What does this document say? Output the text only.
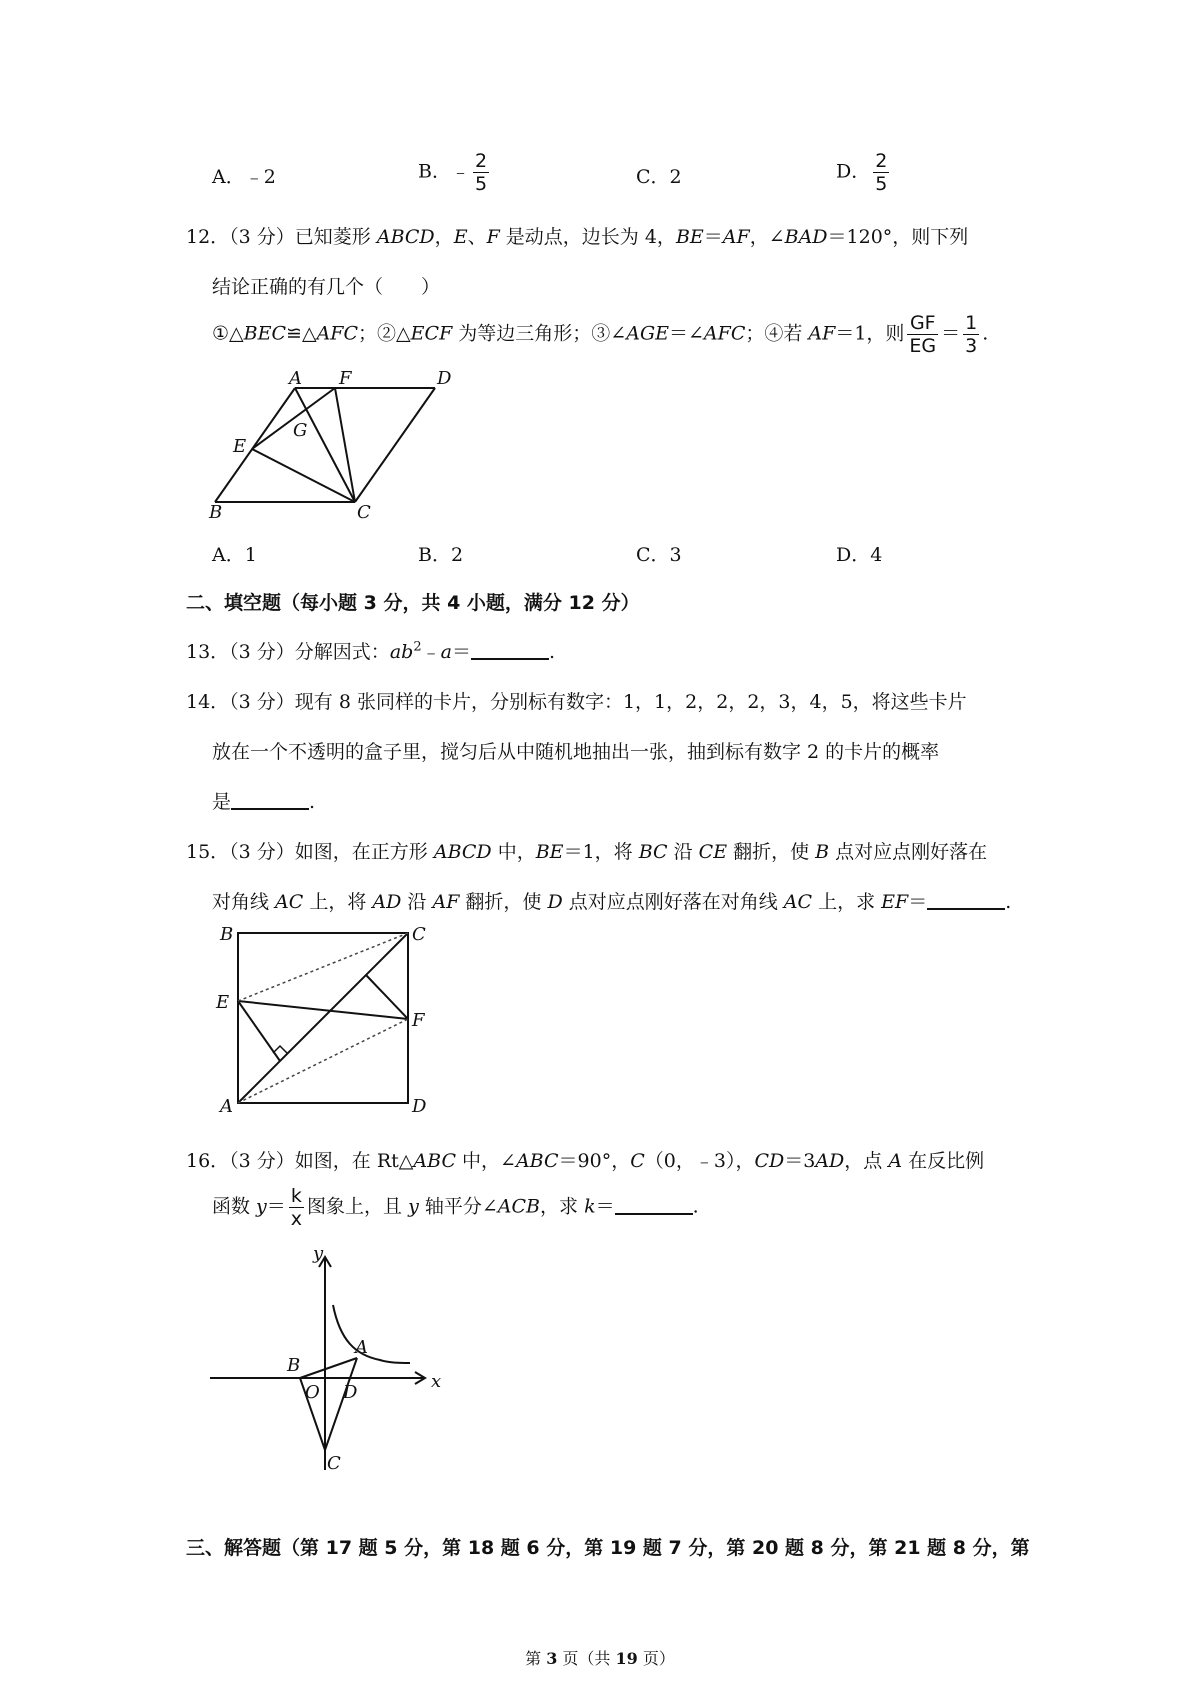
A．﹣2	B．﹣ $\frac{2}{5}$	C．2	D． $\frac{2}{5}$
12．（3 分）已知菱形 ABCD，E、F 是动点，边长为 4，BE＝AF，∠BAD＝120°，则下列
结论正确的有几个（　　）
①△BEC≌△AFC；②△ECF 为等边三角形；③∠AGE＝∠AFC；④若 AF＝1，则 $\frac{GF}{EG} = \frac{1}{3}$ .
A F	D
G
E
B	C
A．1	B．2	C．3	D．4
二、填空题（每小题 3 分，共 4 小题，满分 12 分）
13．（3 分）分解因式：$ab^2﹣a=$	.
14．（3 分）现有 8 张同样的卡片，分别标有数字：1，1，2，2，2，3，4，5，将这些卡片
放在一个不透明的盒子里，搅匀后从中随机地抽出一张，抽到标有数字 2 的卡片的概率
是	.
15．（3 分）如图，在正方形 ABCD 中，BE＝1，将 BC 沿 CE 翻折，使 B 点对应点刚好落在
对角线 AC 上，将 AD 沿 AF 翻折，使 D 点对应点刚好落在对角线 AC 上，求 EF＝	.
B	C
E
F
A	D
16．（3 分）如图，在 Rt△ABC 中，∠ABC＝90°，C（0，﹣3），CD＝3AD，点 A 在反比例
函数 $y= \frac{k}{x}$ 图象上，且 y 轴平分∠ACB，求 k＝	.
y
x
A
B
O D
C
三、解答题（第 17 题 5 分，第 18 题 6 分，第 19 题 7 分，第 20 题 8 分，第 21 题 8 分，第
第 3 页（共 19 页）
